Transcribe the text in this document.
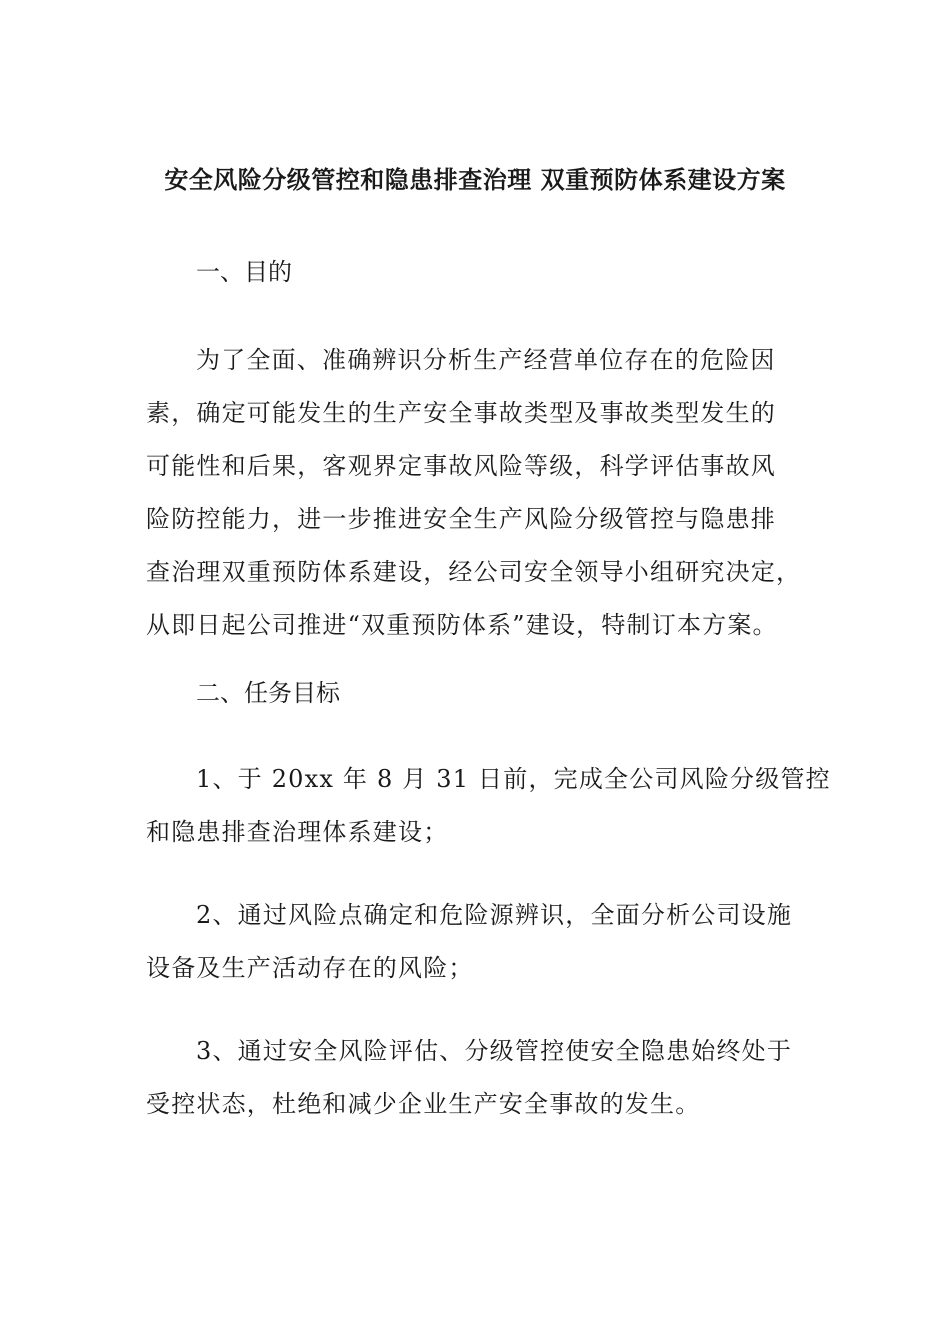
安全风险分级管控和隐患排查治理 双重预防体系建设方案
一、目的
为了全面、准确辨识分析生产经营单位存在的危险因
素，确定可能发生的生产安全事故类型及事故类型发生的
可能性和后果，客观界定事故风险等级，科学评估事故风
险防控能力，进一步推进安全生产风险分级管控与隐患排
查治理双重预防体系建设，经公司安全领导小组研究决定，
从即日起公司推进“双重预防体系”建设，特制订本方案。
二、任务目标
1、于 20xx 年 8 月 31 日前，完成全公司风险分级管控
和隐患排查治理体系建设；
2、通过风险点确定和危险源辨识，全面分析公司设施
设备及生产活动存在的风险；
3、通过安全风险评估、分级管控使安全隐患始终处于
受控状态，杜绝和减少企业生产安全事故的发生。
